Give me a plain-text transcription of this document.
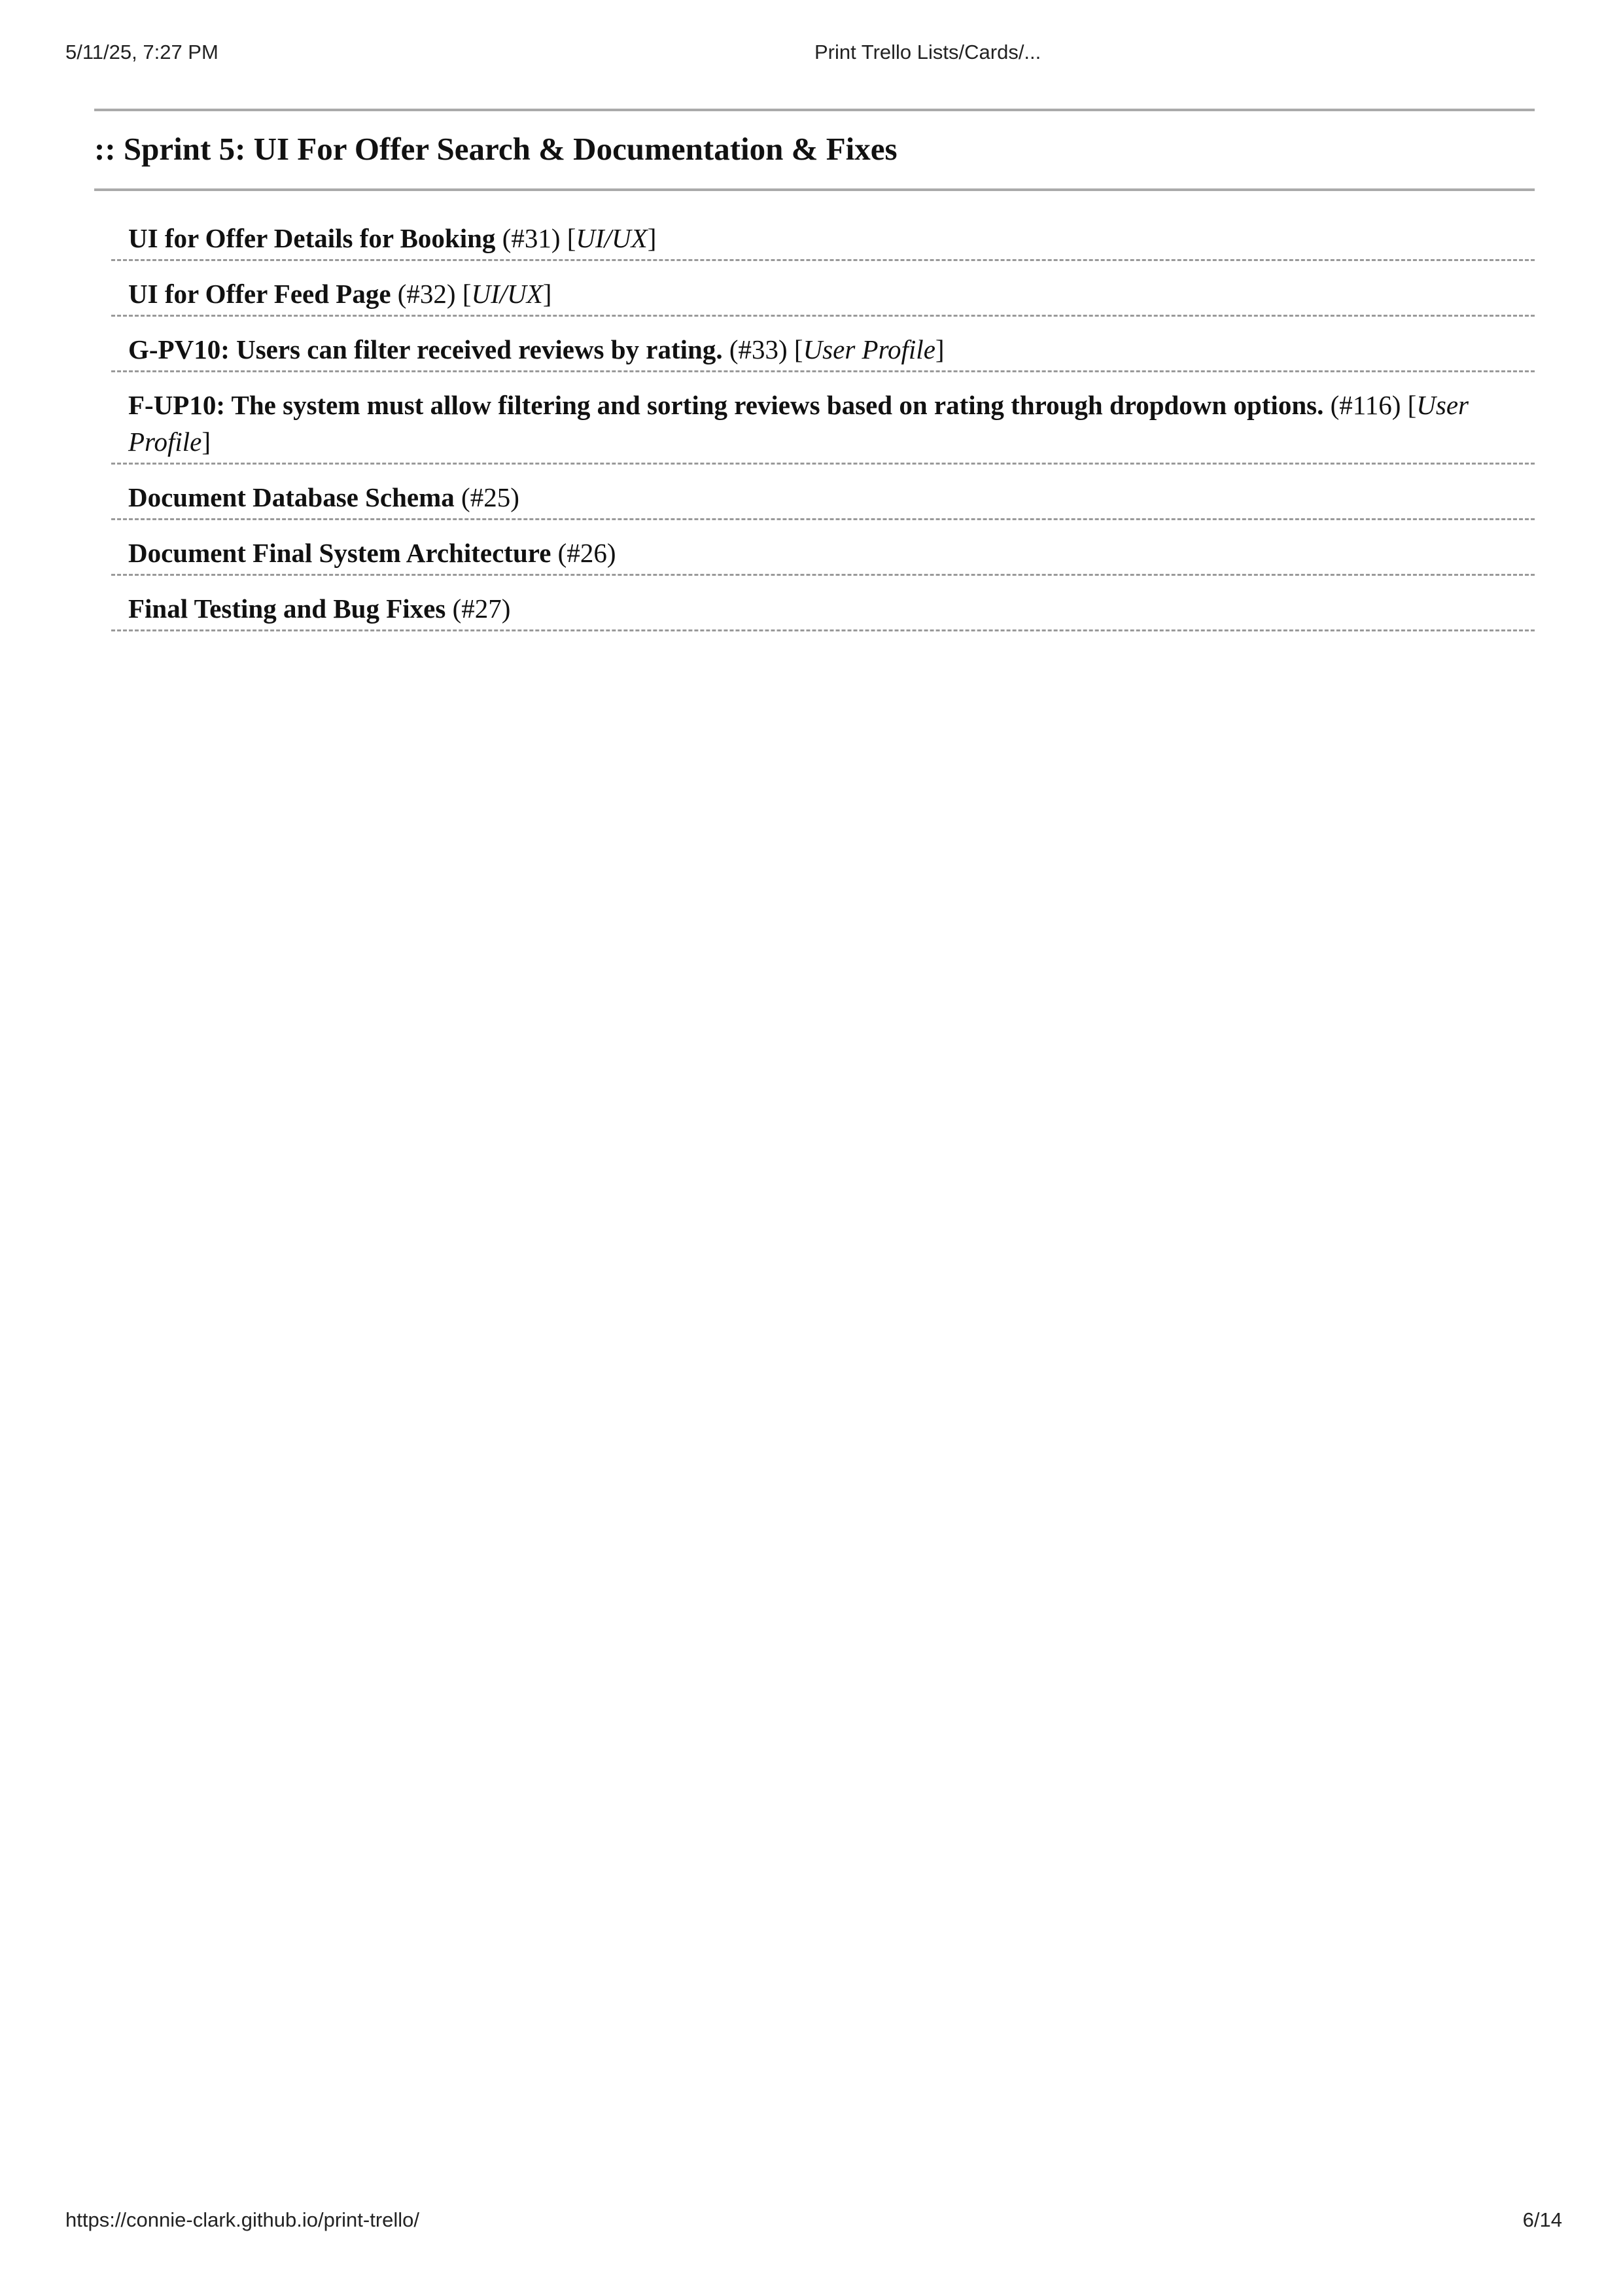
5/11/25, 7:27 PM	Print Trello Lists/Cards/...
:: Sprint 5: UI For Offer Search & Documentation & Fixes
UI for Offer Details for Booking (#31) [UI/UX]
UI for Offer Feed Page (#32) [UI/UX]
G-PV10: Users can filter received reviews by rating. (#33) [User Profile]
F-UP10: The system must allow filtering and sorting reviews based on rating through dropdown options. (#116) [User Profile]
Document Database Schema (#25)
Document Final System Architecture (#26)
Final Testing and Bug Fixes (#27)
https://connie-clark.github.io/print-trello/	6/14
